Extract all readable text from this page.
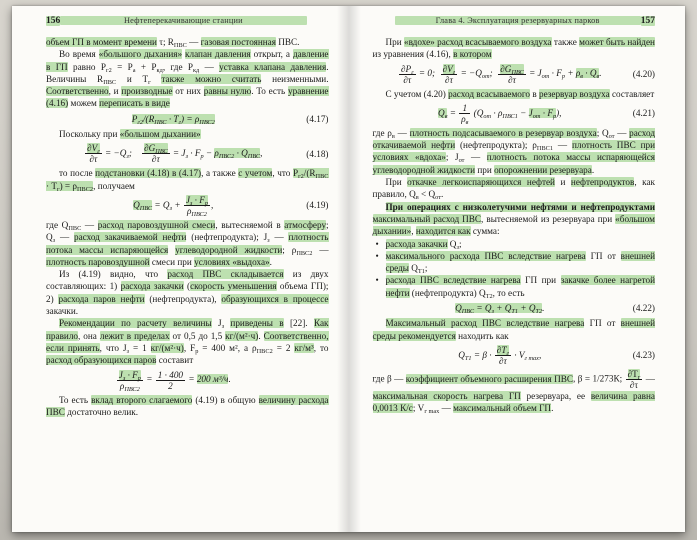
156	Нефтеперекачивающие станции

объем ГП в момент времени τ; $R_{ПВС}$ — газовая постоянная ПВС.

Во время «большого дыхания» клапан давления открыт, а давление в ГП равно $P_{г2} = P_а + P_{кд}$, где $P_{кд}$ — уставка клапана давления. Величины $R_{ПВС}$ и $T_г$ также можно считать неизменными. Соответственно, и производные от них равны нулю. То есть уравнение (4.16) можем переписать в виде

$P_{г2}/(R_{ПВС} \cdot T_г) = \rho_{ПВС2}$	(4.17)

Поскольку при «большом дыхании»

$\frac{\partial V_г}{\partial\tau} = -Q_з$;  $\frac{\partial G_{ПВС}}{\partial\tau} = J_з \cdot F_р - \rho_{ПВС2} \cdot Q_{ПВС}$,	(4.18)

то после подстановки (4.18) в (4.17), а также с учетом, что $P_{г2}/(R_{ПВС} \cdot T_г) = \rho_{ПВС2}$, получаем

$Q_{ПВС} = Q_з + \frac{J_з \cdot F_р}{\rho_{ПВС2}}$ ,	(4.19)

где $Q_{ПВС}$ — расход паровоздушной смеси, вытесняемой в атмосферу; $Q_з$ — расход закачиваемой нефти (нефтепродукта); $J_з$ — плотность потока массы испаряющейся углеводородной жидкости; $\rho_{ПВС2}$ — плотность паровоздушной смеси при условиях «выдоха».

Из (4.19) видно, что расход ПВС складывается из двух составляющих: 1) расхода закачки (скорость уменьшения объема ГП); 2) расхода паров нефти (нефтепродукта), образующихся в процессе закачки.

Рекомендации по расчету величины $J_з$ приведены в [22]. Как правило, она лежит в пределах от 0,5 до 1,5 кг/(м²·ч). Соответственно, если принять, что $J_з = 1$ кг/(м²·ч), $F_р = 400$ м², а $\rho_{ПВС2} = 2$ кг/м³, то расход образующихся паров составит

$\frac{J_з \cdot F_р}{\rho_{ПВС2}} = \frac{1 \cdot 400}{2} = 200$ м³/ч.

То есть вклад второго слагаемого (4.19) в общую величину расхода ПВС достаточно велик.

Глава 4. Эксплуатация резервуарных парков	157

При «вдохе» расход всасываемого воздуха также может быть найден из уравнения (4.16), в котором

$\frac{\partial P_г}{\partial\tau} = 0$;  $\frac{\partial V_г}{\partial\tau} = -Q_{от}$;  $\frac{\partial G_{ПВС}}{\partial\tau} = J_{от} \cdot F_р + \rho_в \cdot Q_в$.	(4.20)

С учетом (4.20) расход всасываемого в резервуар воздуха составляет

$Q_в = \frac{1}{\rho_в} (Q_{от} \cdot \rho_{ПВС1} - J_{от} \cdot F_р)$,	(4.21)

где $\rho_в$ — плотность подсасываемого в резервуар воздуха; $Q_{от}$ — расход откачиваемой нефти (нефтепродукта); $\rho_{ПВС1}$ — плотность ПВС при условиях «вдоха»; $J_{от}$ — плотность потока массы испаряющейся углеводородной жидкости при опорожнении резервуара.

При откачке легкоиспаряющихся нефтей и нефтепродуктов, как правило, $Q_в < Q_{от}$.

При операциях с низколетучими нефтями и нефтепродуктами максимальный расход ПВС, вытесняемой из резервуара при «большом дыхании», находится как сумма:

• расхода закачки $Q_з$;

• максимального расхода ПВС вследствие нагрева ГП от внешней среды $Q_{Т1}$;

• расхода ПВС вследствие нагрева ГП при закачке более нагретой нефти (нефтепродукта) $Q_{Т2}$, то есть

$Q_{ПВС} = Q_з + Q_{Т1} + Q_{Т2}$.	(4.22)

Максимальный расход ПВС вследствие нагрева ГП от внешней среды рекомендуется находить как

$Q_{Т1} = \beta \cdot \frac{\partial T_г}{\partial\tau} \cdot V_{г max}$,	(4.23)

где β — коэффициент объемного расширения ПВС, β = 1/273К; $\frac{\partial T_г}{\partial\tau}$ — максимальная скорость нагрева ГП резервуара, ее величина равна 0,0013 К/с; $V_{г max}$ — максимальный объем ГП.
